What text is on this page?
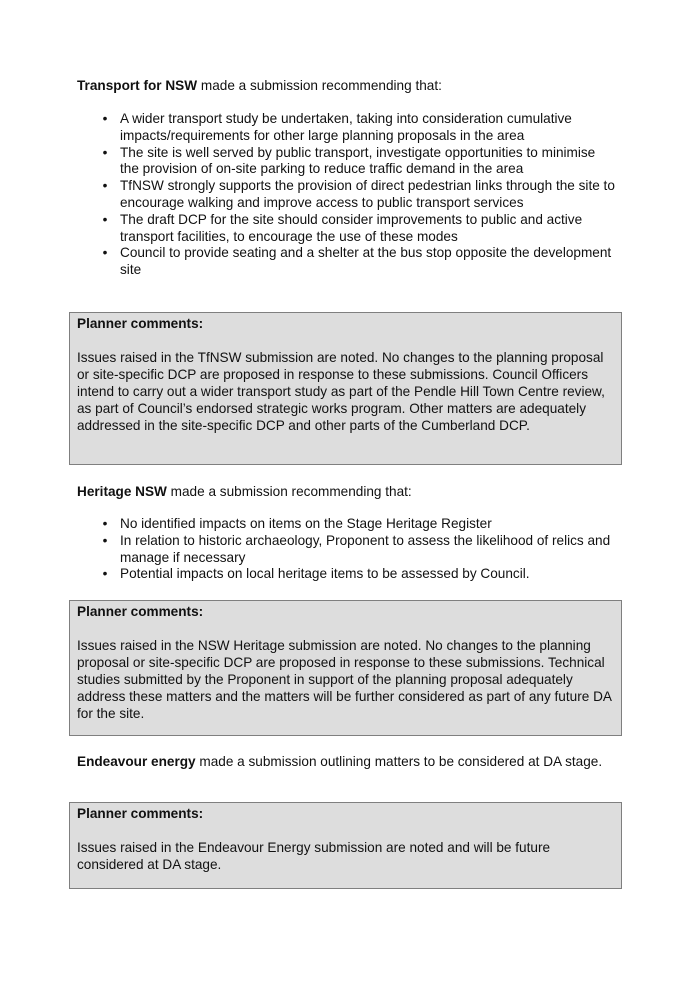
Transport for NSW made a submission recommending that:

• A wider transport study be undertaken, taking into consideration cumulative impacts/requirements for other large planning proposals in the area
• The site is well served by public transport, investigate opportunities to minimise the provision of on-site parking to reduce traffic demand in the area
• TfNSW strongly supports the provision of direct pedestrian links through the site to encourage walking and improve access to public transport services
• The draft DCP for the site should consider improvements to public and active transport facilities, to encourage the use of these modes
• Council to provide seating and a shelter at the bus stop opposite the development site

Planner comments:

Issues raised in the TfNSW submission are noted. No changes to the planning proposal or site-specific DCP are proposed in response to these submissions. Council Officers intend to carry out a wider transport study as part of the Pendle Hill Town Centre review, as part of Council’s endorsed strategic works program. Other matters are adequately addressed in the site-specific DCP and other parts of the Cumberland DCP.

Heritage NSW made a submission recommending that:

• No identified impacts on items on the Stage Heritage Register
• In relation to historic archaeology, Proponent to assess the likelihood of relics and manage if necessary
• Potential impacts on local heritage items to be assessed by Council.

Planner comments:

Issues raised in the NSW Heritage submission are noted. No changes to the planning proposal or site-specific DCP are proposed in response to these submissions. Technical studies submitted by the Proponent in support of the planning proposal adequately address these matters and the matters will be further considered as part of any future DA for the site.

Endeavour energy made a submission outlining matters to be considered at DA stage.

Planner comments:

Issues raised in the Endeavour Energy submission are noted and will be future considered at DA stage.
